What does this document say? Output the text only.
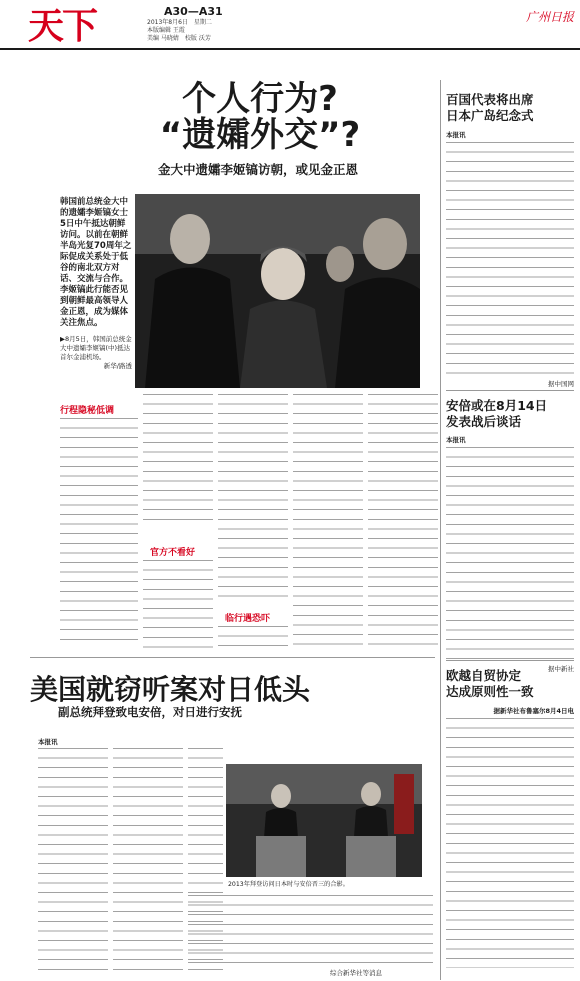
天下	A30—A31
2013年8月6日　星期二
本版编辑 王霞
美编 马晓婧　校版 沃芳
广州日报
个人行为?
“遗孀外交”?
金大中遗孀李姬镐访朝，或见金正恩
韩国前总统金大中的遗孀李姬镐女士5日中午抵达朝鲜访问。以前在朝鲜半岛光复70周年之际促成关系处于低谷的南北双方对话、交流与合作。李姬镐此行能否见到朝鲜最高领导人金正恩，成为媒体关注焦点。
▶8月5日，韩国前总统金大中遗孀李姬镐(中)抵达首尔金浦机场。
新华/路透
行程隐秘低调
官方不看好
临行遇恐吓
百国代表将出席
日本广岛纪念式
本报讯
据中国网
安倍或在8月14日
发表战后谈话
本报讯
据中新社
欧越自贸协定
达成原则性一致
据新华社布鲁塞尔8月4日电
美国就窃听案对日低头
副总统拜登致电安倍，对日进行安抚
本报讯
2013年拜登访问日本时与安倍晋三的合影。
综合新华社等消息
